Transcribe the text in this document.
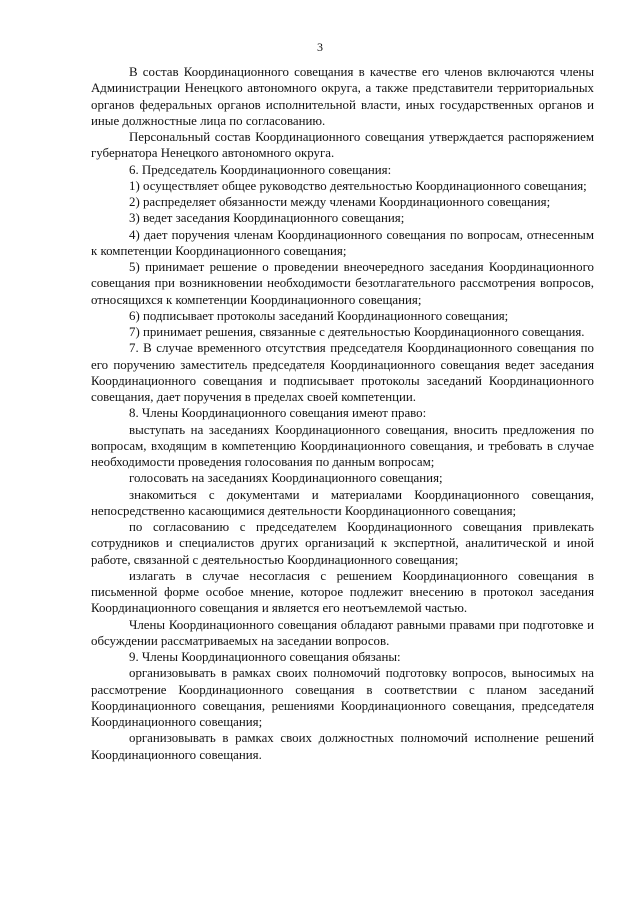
3

В состав Координационного совещания в качестве его членов включаются члены Администрации Ненецкого автономного округа, а также представители территориальных органов федеральных органов исполнительной власти, иных государственных органов и иные должностные лица по согласованию.

Персональный состав Координационного совещания утверждается распоряжением губернатора Ненецкого автономного округа.

6. Председатель Координационного совещания:

1) осуществляет общее руководство деятельностью Координационного совещания;

2) распределяет обязанности между членами Координационного совещания;

3) ведет заседания Координационного совещания;

4) дает поручения членам Координационного совещания по вопросам, отнесенным к компетенции Координационного совещания;

5) принимает решение о проведении внеочередного заседания Координационного совещания при возникновении необходимости безотлагательного рассмотрения вопросов, относящихся к компетенции Координационного совещания;

6) подписывает протоколы заседаний Координационного совещания;

7) принимает решения, связанные с деятельностью Координационного совещания.

7. В случае временного отсутствия председателя Координационного совещания по его поручению заместитель председателя Координационного совещания ведет заседания Координационного совещания и подписывает протоколы заседаний Координационного совещания, дает поручения в пределах своей компетенции.

8. Члены Координационного совещания имеют право:

выступать на заседаниях Координационного совещания, вносить предложения по вопросам, входящим в компетенцию Координационного совещания, и требовать в случае необходимости проведения голосования по данным вопросам;

голосовать на заседаниях Координационного совещания;

знакомиться с документами и материалами Координационного совещания, непосредственно касающимися деятельности Координационного совещания;

по согласованию с председателем Координационного совещания привлекать сотрудников и специалистов других организаций к экспертной, аналитической и иной работе, связанной с деятельностью Координационного совещания;

излагать в случае несогласия с решением Координационного совещания в письменной форме особое мнение, которое подлежит внесению в протокол заседания Координационного совещания и является его неотъемлемой частью.

Члены Координационного совещания обладают равными правами при подготовке и обсуждении рассматриваемых на заседании вопросов.

9. Члены Координационного совещания обязаны:

организовывать в рамках своих полномочий подготовку вопросов, выносимых на рассмотрение Координационного совещания в соответствии с планом заседаний Координационного совещания, решениями Координационного совещания, председателя Координационного совещания;

организовывать в рамках своих должностных полномочий исполнение решений Координационного совещания.
